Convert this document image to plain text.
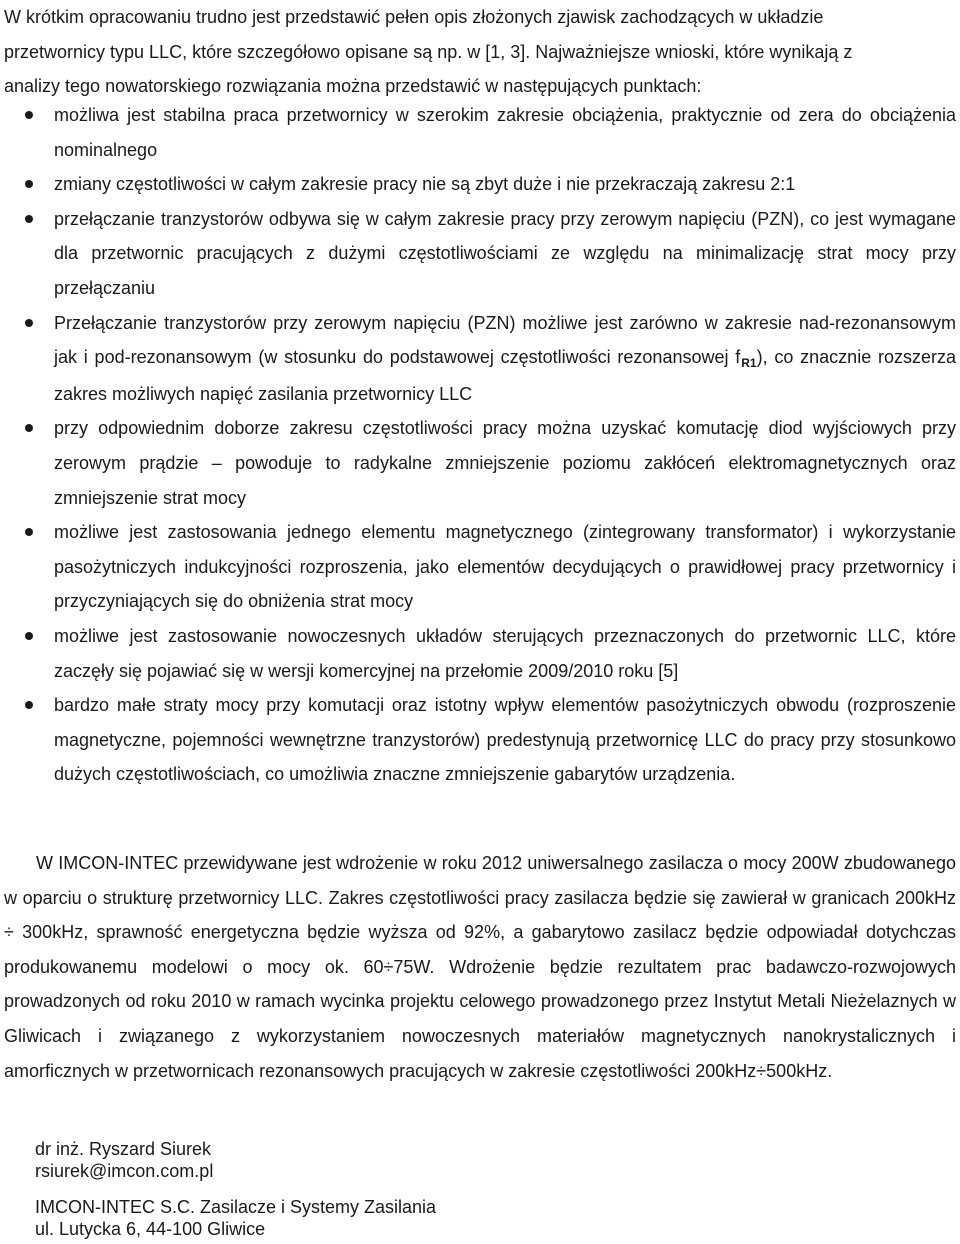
W krótkim opracowaniu trudno jest przedstawić pełen opis złożonych zjawisk zachodzących w układzie

przetwornicy typu LLC, które szczegółowo opisane są np. w [1, 3]. Najważniejsze wnioski, które wynikają z

analizy tego nowatorskiego rozwiązania można przedstawić w następujących punktach:

możliwa jest stabilna praca przetwornicy w szerokim zakresie obciążenia, praktycznie od zera do obciążenia nominalnego
zmiany częstotliwości w całym zakresie pracy nie są zbyt duże i nie przekraczają zakresu 2:1
przełączanie tranzystorów odbywa się w całym zakresie pracy przy zerowym napięciu (PZN), co jest wymagane dla przetwornic pracujących z dużymi częstotliwościami ze względu na minimalizację strat mocy przy przełączaniu
Przełączanie tranzystorów przy zerowym napięciu (PZN) możliwe jest zarówno w zakresie nad-rezonansowym jak i pod-rezonansowym (w stosunku do podstawowej częstotliwości rezonansowej $f_{R1}$), co znacznie rozszerza zakres możliwych napięć zasilania przetwornicy LLC
przy odpowiednim doborze zakresu częstotliwości pracy można uzyskać komutację diod wyjściowych przy zerowym prądzie – powoduje to radykalne zmniejszenie poziomu zakłóceń elektromagnetycznych oraz zmniejszenie strat mocy
możliwe jest zastosowania jednego elementu magnetycznego (zintegrowany transformator) i wykorzystanie pasożytniczych indukcyjności rozproszenia, jako elementów decydujących o prawidłowej pracy przetwornicy i przyczyniających się do obniżenia strat mocy
możliwe jest zastosowanie nowoczesnych układów sterujących przeznaczonych do przetwornic LLC, które zaczęły się pojawiać się w wersji komercyjnej na przełomie 2009/2010 roku [5]
bardzo małe straty mocy przy komutacji oraz istotny wpływ elementów pasożytniczych obwodu (rozproszenie magnetyczne, pojemności wewnętrzne tranzystorów) predestynują przetwornicę LLC do pracy przy stosunkowo dużych częstotliwościach, co umożliwia znaczne zmniejszenie gabarytów urządzenia.

W IMCON-INTEC przewidywane jest wdrożenie w roku 2012 uniwersalnego zasilacza o mocy 200W zbudowanego w oparciu o strukturę przetwornicy LLC. Zakres częstotliwości pracy zasilacza będzie się zawierał w granicach 200kHz ÷ 300kHz, sprawność energetyczna będzie wyższa od 92%, a gabarytowo zasilacz będzie odpowiadał dotychczas produkowanemu modelowi o mocy ok. 60÷75W. Wdrożenie będzie rezultatem prac badawczo-rozwojowych prowadzonych od roku 2010 w ramach wycinka projektu celowego prowadzonego przez Instytut Metali Nieżelaznych w Gliwicach i związanego z wykorzystaniem nowoczesnych materiałów magnetycznych nanokrystalicznych i amorficznych w przetwornicach rezonansowych pracujących w zakresie częstotliwości 200kHz÷500kHz.

dr inż. Ryszard Siurek
rsiurek@imcon.com.pl
IMCON-INTEC S.C. Zasilacze i Systemy Zasilania
ul. Lutycka 6, 44-100 Gliwice
